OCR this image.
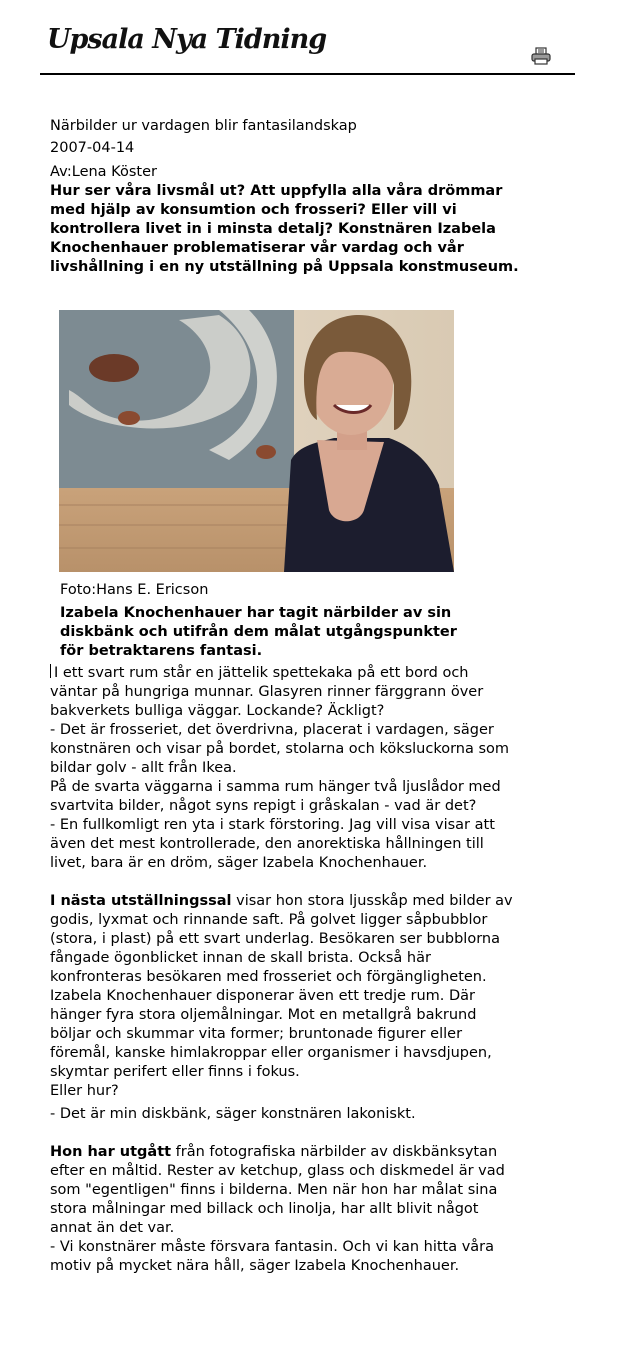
Upsala Nya Tidning

Närbilder ur vardagen blir fantasilandskap

2007-04-14

Av:Lena Köster

Hur ser våra livsmål ut? Att uppfylla alla våra drömmar med hjälp av konsumtion och frosseri? Eller vill vi kontrollera livet in i minsta detalj? Konstnären Izabela Knochenhauer problematiserar vår vardag och vår livshållning i en ny utställning på Uppsala konstmuseum.

Foto:Hans E. Ericson
Izabela Knochenhauer har tagit närbilder av sin diskbänk och utifrån dem målat utgångspunkter för betraktarens fantasi.

I ett svart rum står en jättelik spettekaka på ett bord och väntar på hungriga munnar. Glasyren rinner färggrann över bakverkets bulliga väggar. Lockande? Äckligt?

- Det är frosseriet, det överdrivna, placerat i vardagen, säger konstnären och visar på bordet, stolarna och köksluckorna som bildar golv - allt från Ikea.

På de svarta väggarna i samma rum hänger två ljuslådor med svartvita bilder, något syns repigt i gråskalan - vad är det?

- En fullkomligt ren yta i stark förstoring. Jag vill visa visar att även det mest kontrollerade, den anorektiska hållningen till livet, bara är en dröm, säger Izabela Knochenhauer.

I nästa utställningssal visar hon stora ljusskåp med bilder av godis, lyxmat och rinnande saft. På golvet ligger såpbubblor (stora, i plast) på ett svart underlag. Besökaren ser bubblorna fångade ögonblicket innan de skall brista. Också här konfronteras besökaren med frosseriet och förgängligheten.

Izabela Knochenhauer disponerar även ett tredje rum. Där hänger fyra stora oljemålningar. Mot en metallgrå bakrund böljar och skummar vita former; bruntonade figurer eller föremål, kanske himlakroppar eller organismer i havsdjupen, skymtar perifert eller finns i fokus.

Eller hur?

- Det är min diskbänk, säger konstnären lakoniskt.

Hon har utgått från fotografiska närbilder av diskbänksytan efter en måltid. Rester av ketchup, glass och diskmedel är vad som "egentligen" finns i bilderna. Men när hon har målat sina stora målningar med billack och linolja, har allt blivit något annat än det var.

- Vi konstnärer måste försvara fantasin. Och vi kan hitta våra motiv på mycket nära håll, säger Izabela Knochenhauer.
